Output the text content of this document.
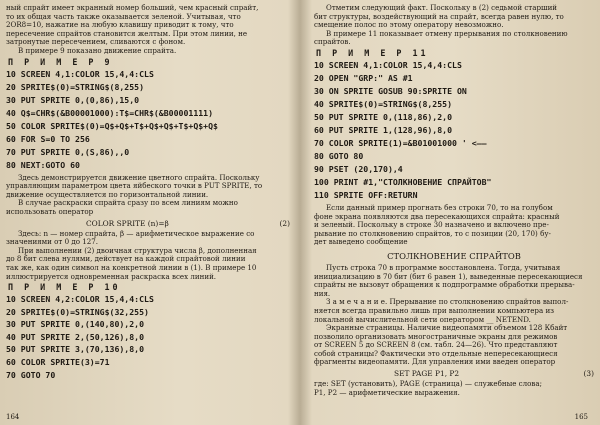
ный спрайт имеет экранный номер больший, чем красный спрайт,

то их общая часть также оказывается зеленой. Учитывая, что

2OR8=10, нажатие на любую клавишу приводит к тому, что

пересечение спрайтов становится желтым. При этом линии, не

затронутые пересечением, сливаются с фоном.

В примере 9 показано движение спрайта.

П Р И М Е Р 9
10 SCREEN 4,1:COLOR 15,4,4:CLS
20 SPRITE$(0)=STRING$(8,255)
30 PUT SPRITE 0,(0,86),15,0
40 Q$=CHR$(&B00001000):T$=CHR$(&B00001111)
50 COLOR SPRITE$(0)=Q$+Q$+T$+Q$+Q$+T$+Q$+Q$
60 FOR S=0 TO 256
70 PUT SPRITE 0,(S,86),,0
80 NEXT:GOTO 60

Здесь демонстрируется движение цветного спрайта. Поскольку

управляющим параметром цвета яйбеского точки в PUT SPRITE, то

движение осуществляется по горизонтальной линии.

В случае раскраски спрайта сразу по всем линиям можно

использовать оператор

COLOR SPRITE (n)=β	(2)

Здесь: n — номер спрайта, β — арифметическое выражение со

значениями от 0 до 127.

При выполнении (2) двоичная структура числа β, дополненная

до 8 бит слева нулями, действует на каждой спрайтовой линии

так же, как один символ на конкретной линии в (1). В примере 10

иллюстрируется одновременная раскраска всех линий.

П Р И М Е Р 10
10 SCREEN 4,2:COLOR 15,4,4:CLS
20 SPRITE$(0)=STRING$(32,255)
30 PUT SPRITE 0,(140,80),2,0
40 PUT SPRITE 2,(50,126),8,0
50 PUT SPRITE 3,(70,136),8,0
60 COLOR SPRITE(3)=71
70 GOTO 70
164

Отметим следующий факт. Поскольку в (2) седьмой старший

бит структуры, воздействующий на спрайт, всегда равен нулю, то

смещение полос по этому оператору невозможно.

В примере 11 показывает отмену прерывания по столкновению

спрайтов.

П Р И М Е Р 11
10 SCREEN 4,1:COLOR 15,4,4:CLS
20 OPEN "GRP:" AS #1
30 ON SPRITE GOSUB 90:SPRITE ON
40 SPRITE$(0)=STRING$(8,255)
50 PUT SPRITE 0,(118,86),2,0
60 PUT SPRITE 1,(128,96),8,0
70 COLOR SPRITE(1)=&B01001000 ' <——
80 GOTO 80
90 PSET (20,170),4
100 PRINT #1,"СТОЛКНОВЕНИЕ СПРАЙТОВ"
110 SPRITE OFF:RETURN

Если данный пример прогнать без строки 70, то на голубом

фоне экрана появляются два пересекающихся спрайта: красный

и зеленый. Поскольку в строке 30 назначено и включено пре-

рывание по столкновению спрайтов, то с позиции (20, 170) бу-

дет выведено сообщение

СТОЛКНОВЕНИЕ СПРАЙТОВ

Пусть строка 70 в программе восстановлена. Тогда, учитывая

инициализацию в 70 бит (бит 6 равен 1), выведенные пересекающиеся

спрайты не вызовут обращения к подпрограмме обработки прерыва-

ния.

З а м е ч а н и е. Прерывание по столкновению спрайтов выпол-

няется всегда правильно лишь при выполнении компьютера из

локальной вычислительной сети оператором __ NETEND.

Экранные страницы. Наличие видеопамяти объемом 128 Кбайт

позволило организовать многостраничные экраны для режимов

от SCREEN 5 до SCREEN 8 (см. табл. 24—26). Что представляют

собой страницы? Фактически это отдельные непересекающиеся

фрагменты видеопамяти. Для управления ими введен оператор

SET PAGE P1, P2	(3)

где: SET (установить), PAGE (страница) — служебные слова;

P1, P2 — арифметические выражения.

165
